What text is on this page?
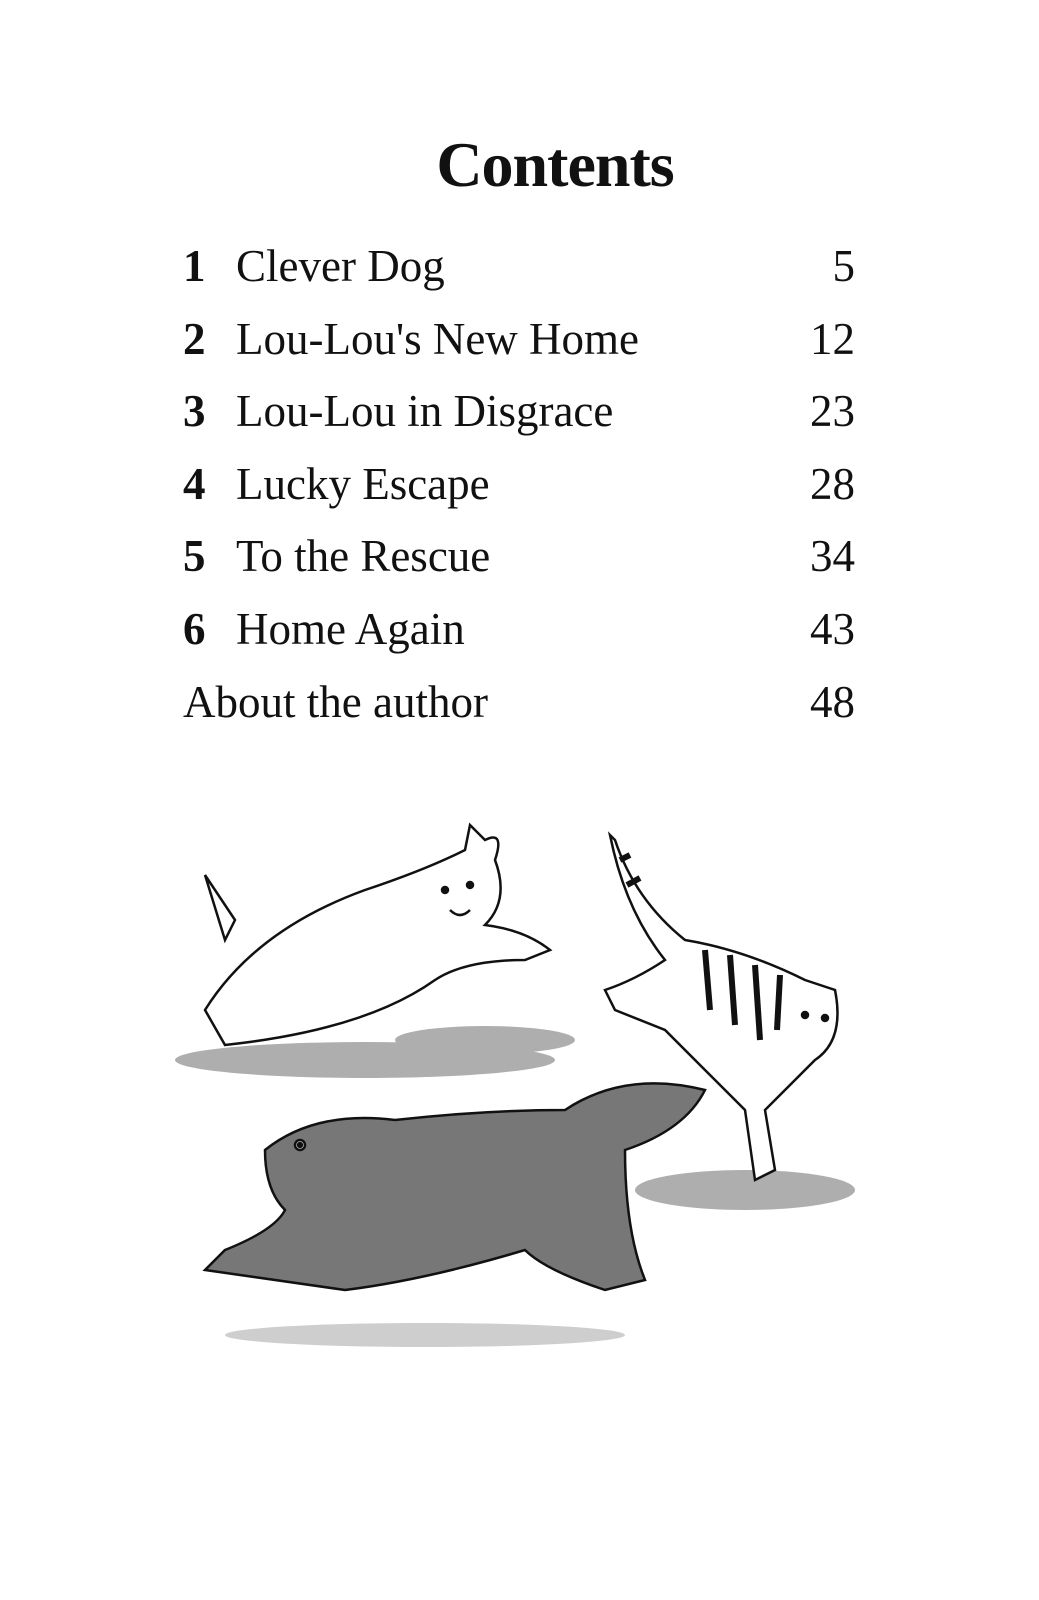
Contents
1 Clever Dog	5
2 Lou-Lou's New Home	12
3 Lou-Lou in Disgrace	23
4 Lucky Escape	28
5 To the Rescue	34
6 Home Again	43
About the author	48
